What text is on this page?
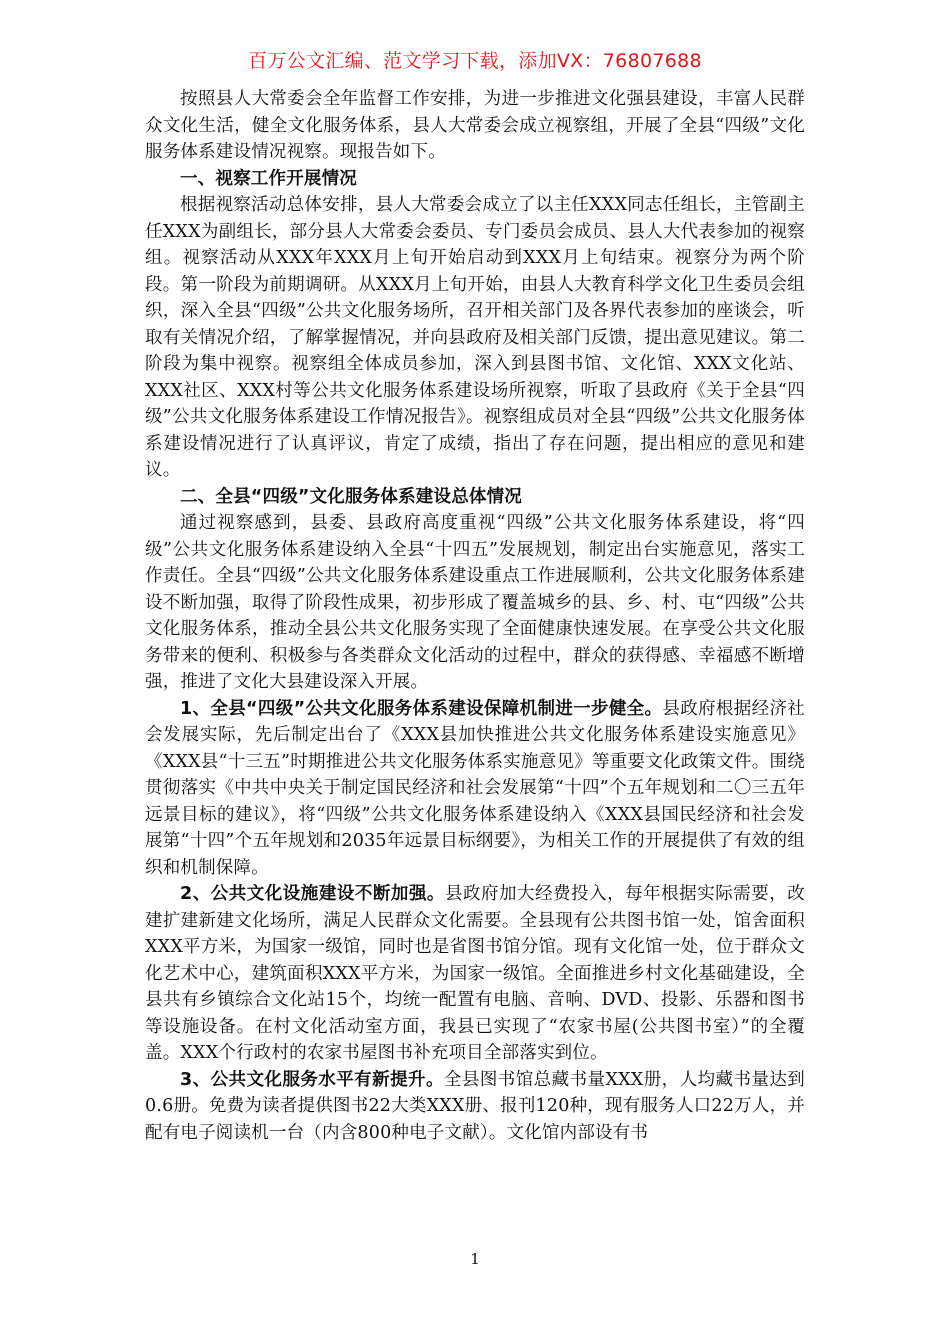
百万公文汇编、范文学习下载，添加VX：76807688

按照县人大常委会全年监督工作安排，为进一步推进文化强县建设，丰富人民群众文化生活，健全文化服务体系，县人大常委会成立视察组，开展了全县“四级”文化服务体系建设情况视察。现报告如下。

一、视察工作开展情况

根据视察活动总体安排，县人大常委会成立了以主任XXX同志任组长，主管副主任XXX为副组长，部分县人大常委会委员、专门委员会成员、县人大代表参加的视察组。视察活动从XXX年XXX月上旬开始启动到XXX月上旬结束。视察分为两个阶段。第一阶段为前期调研。从XXX月上旬开始，由县人大教育科学文化卫生委员会组织，深入全县“四级”公共文化服务场所，召开相关部门及各界代表参加的座谈会，听取有关情况介绍，了解掌握情况，并向县政府及相关部门反馈，提出意见建议。第二阶段为集中视察。视察组全体成员参加，深入到县图书馆、文化馆、XXX文化站、XXX社区、XXX村等公共文化服务体系建设场所视察，听取了县政府《关于全县“四级”公共文化服务体系建设工作情况报告》。视察组成员对全县“四级”公共文化服务体系建设情况进行了认真评议，肯定了成绩，指出了存在问题，提出相应的意见和建议。

二、全县“四级”文化服务体系建设总体情况

通过视察感到，县委、县政府高度重视“四级”公共文化服务体系建设，将“四级”公共文化服务体系建设纳入全县“十四五”发展规划，制定出台实施意见，落实工作责任。全县“四级”公共文化服务体系建设重点工作进展顺利，公共文化服务体系建设不断加强，取得了阶段性成果，初步形成了覆盖城乡的县、乡、村、屯“四级”公共文化服务体系，推动全县公共文化服务实现了全面健康快速发展。在享受公共文化服务带来的便利、积极参与各类群众文化活动的过程中，群众的获得感、幸福感不断增强，推进了文化大县建设深入开展。

1、全县“四级”公共文化服务体系建设保障机制进一步健全。县政府根据经济社会发展实际，先后制定出台了《XXX县加快推进公共文化服务体系建设实施意见》《XXX县“十三五”时期推进公共文化服务体系实施意见》等重要文化政策文件。围绕贯彻落实《中共中央关于制定国民经济和社会发展第“十四”个五年规划和二〇三五年远景目标的建议》，将“四级”公共文化服务体系建设纳入《XXX县国民经济和社会发展第“十四”个五年规划和2035年远景目标纲要》，为相关工作的开展提供了有效的组织和机制保障。

2、公共文化设施建设不断加强。县政府加大经费投入，每年根据实际需要，改建扩建新建文化场所，满足人民群众文化需要。全县现有公共图书馆一处，馆舍面积XXX平方米，为国家一级馆，同时也是省图书馆分馆。现有文化馆一处，位于群众文化艺术中心，建筑面积XXX平方米，为国家一级馆。全面推进乡村文化基础建设，全县共有乡镇综合文化站15个，均统一配置有电脑、音响、DVD、投影、乐器和图书等设施设备。在村文化活动室方面，我县已实现了“农家书屋(公共图书室）”的全覆盖。XXX个行政村的农家书屋图书补充项目全部落实到位。

3、公共文化服务水平有新提升。全县图书馆总藏书量XXX册，人均藏书量达到0.6册。免费为读者提供图书22大类XXX册、报刊120种，现有服务人口22万人，并配有电子阅读机一台（内含800种电子文献）。文化馆内部设有书

1
